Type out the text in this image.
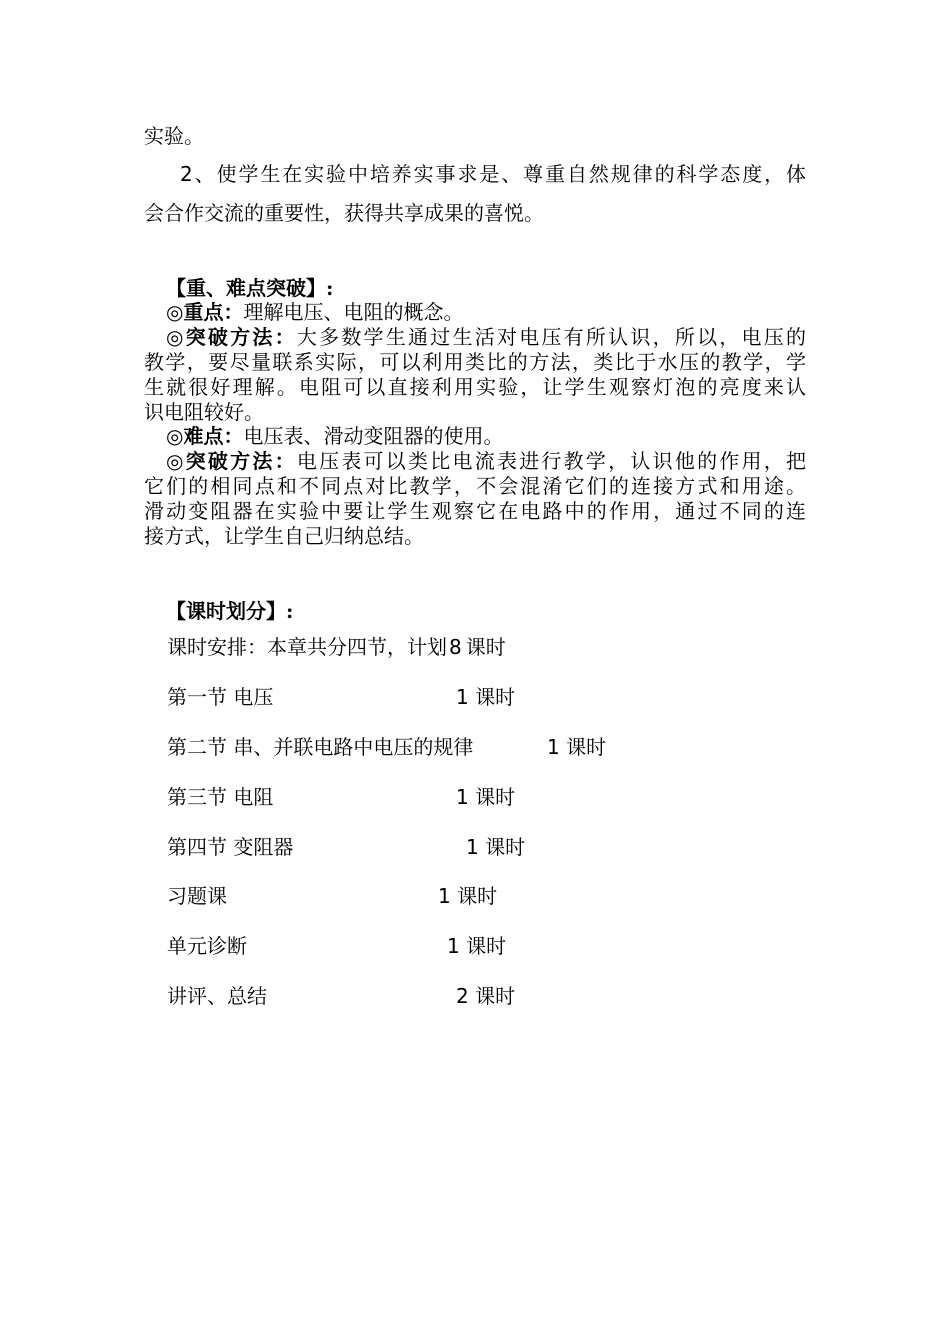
实验。
2、使学生在实验中培养实事求是、尊重自然规律的科学态度，体
会合作交流的重要性，获得共享成果的喜悦。
【重、难点突破】:
◎重点：理解电压、电阻的概念。
◎突破方法：大多数学生通过生活对电压有所认识，所以，电压的
教学，要尽量联系实际，可以利用类比的方法，类比于水压的教学，学
生就很好理解。电阻可以直接利用实验，让学生观察灯泡的亮度来认
识电阻较好。
◎难点：电压表、滑动变阻器的使用。
◎突破方法：电压表可以类比电流表进行教学，认识他的作用，把
它们的相同点和不同点对比教学，不会混淆它们的连接方式和用途。
滑动变阻器在实验中要让学生观察它在电路中的作用，通过不同的连
接方式，让学生自己归纳总结。
【课时划分】:
课时安排：本章共分四节，计划 8 课时
第一节 电压	1 课时
第二节 串、并联电路中电压的规律	1 课时
第三节 电阻	1 课时
第四节 变阻器	1 课时
习题课	1 课时
单元诊断	1 课时
讲评、总结	2 课时
